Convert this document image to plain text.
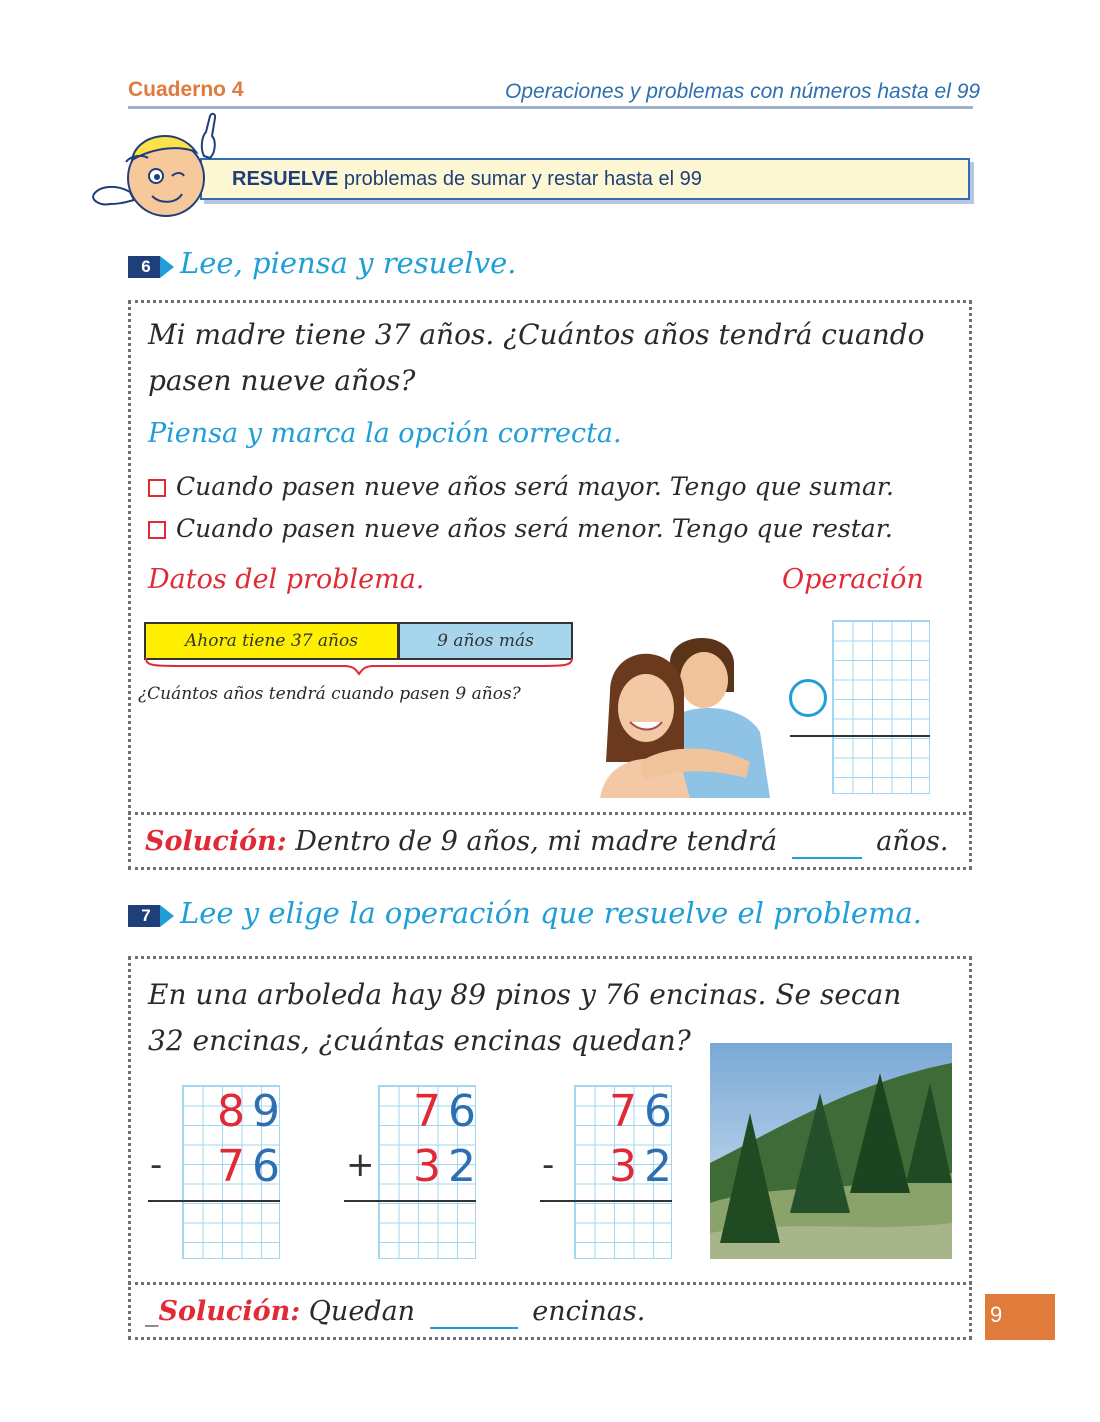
Cuaderno 4	Operaciones y problemas con números hasta el 99
RESUELVE problemas de sumar y restar hasta el 99
6	Lee, piensa y resuelve.
Mi madre tiene 37 años. ¿Cuántos años tendrá cuando
pasen nueve años?
Piensa y marca la opción correcta.
Cuando pasen nueve años será mayor. Tengo que sumar.
Cuando pasen nueve años será menor. Tengo que restar.
Datos del problema.	Operación
Ahora tiene 37 años	9 años más
¿Cuántos años tendrá cuando pasen 9 años?
Solución: Dentro de 9 años, mi madre tendrá	años.
7	Lee y elige la operación que resuelve el problema.
En una arboleda hay 89 pinos y 76 encinas. Se secan
32 encinas, ¿cuántas encinas quedan?
8 9
- 7 6
7 6
+ 3 2
7 6
- 3 2
_Solución: Quedan	encinas.	9
